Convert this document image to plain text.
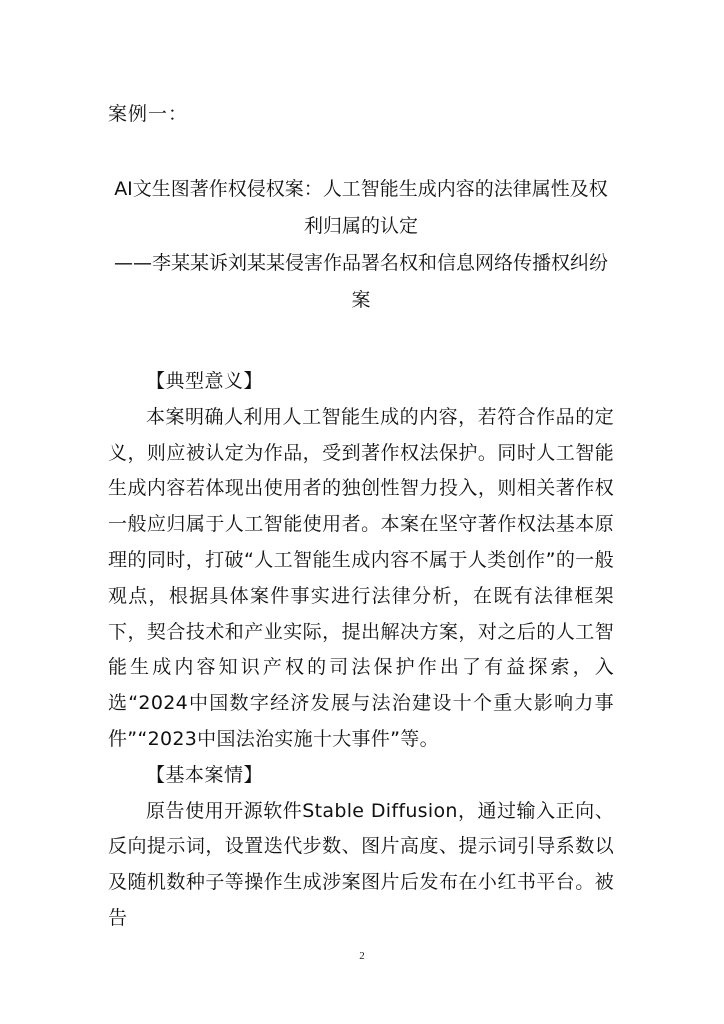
案例一：
AI文生图著作权侵权案：人工智能生成内容的法律属性及权利归属的认定
——李某某诉刘某某侵害作品署名权和信息网络传播权纠纷案
【典型意义】
本案明确人利用人工智能生成的内容，若符合作品的定义，则应被认定为作品，受到著作权法保护。同时人工智能生成内容若体现出使用者的独创性智力投入，则相关著作权一般应归属于人工智能使用者。本案在坚守著作权法基本原理的同时，打破“人工智能生成内容不属于人类创作”的一般观点，根据具体案件事实进行法律分析，在既有法律框架下，契合技术和产业实际，提出解决方案，对之后的人工智能生成内容知识产权的司法保护作出了有益探索，入选“2024中国数字经济发展与法治建设十个重大影响力事件”“2023中国法治实施十大事件”等。
【基本案情】
原告使用开源软件Stable Diffusion，通过输入正向、反向提示词，设置迭代步数、图片高度、提示词引导系数以及随机数种子等操作生成涉案图片后发布在小红书平台。被告
2
